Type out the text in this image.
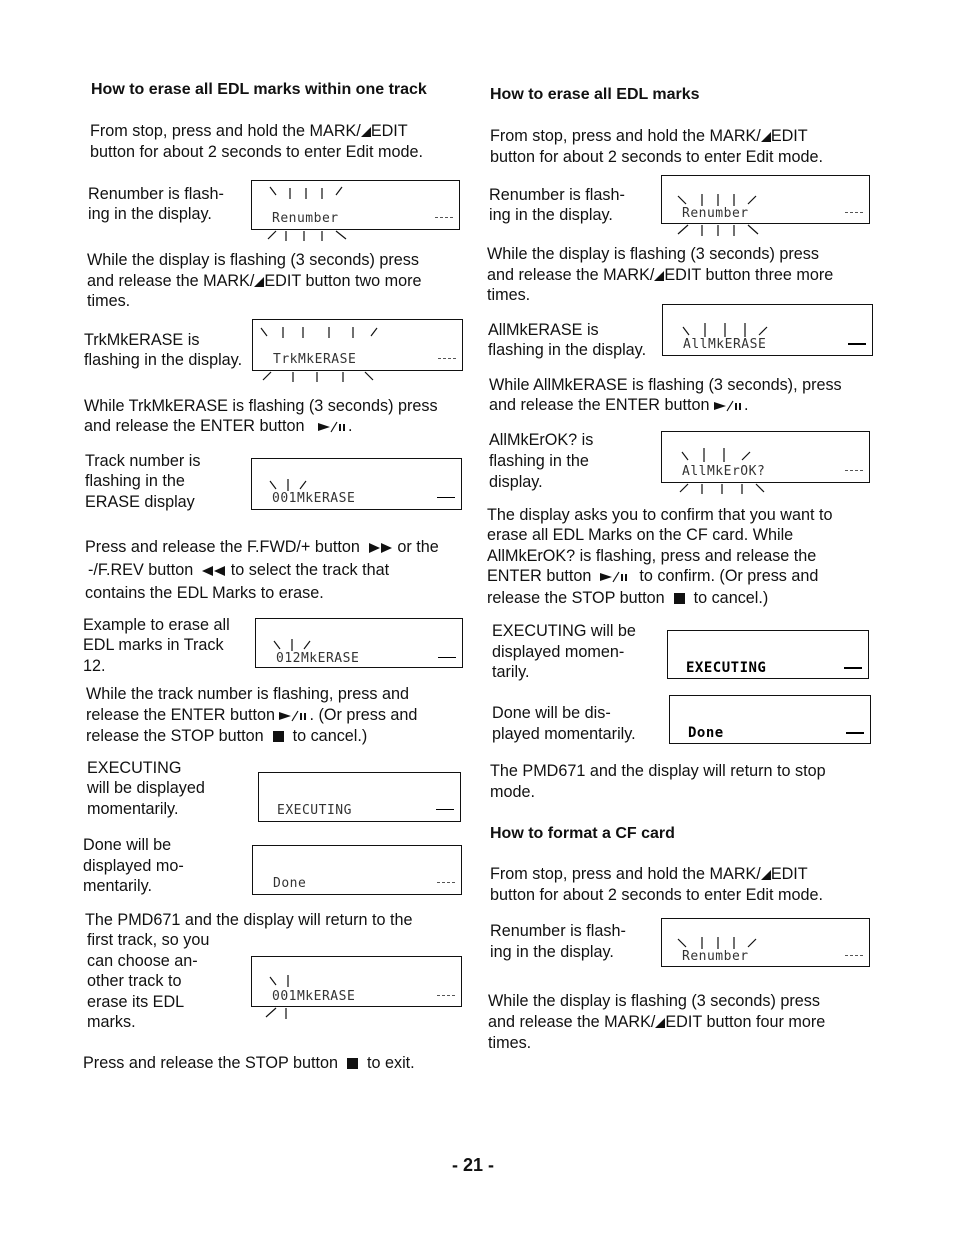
How to erase all EDL marks within one track
From stop, press and hold the MARK/ EDIT
button for about 2 seconds to enter Edit mode.
Renumber is flash-
ing in the display.	Renumber
While the display is flashing (3 seconds) press
and release the MARK/ EDIT button two more
times.
TrkMkERASE is
flashing in the display. TrkMkERASE
While TrkMkERASE is flashing (3 seconds) press
and release the ENTER button	.
Track number is
flashing in the
ERASE display	001MkERASE
Press and release the F.FWD/+ button or the
-/F.REV button to select the track that
contains the EDL Marks to erase.
Example to erase all
EDL marks in Track
12.	012MkERASE
While the track number is flashing, press and
release the ENTER button . (Or press and
release the STOP button to cancel.)
EXECUTING
will be displayed
momentarily.	EXECUTING
Done will be
displayed mo-
mentarily.	Done
The PMD671 and the display will return to the
first track, so you
can choose an-
other track to
erase its EDL
marks.
001MkERASE
Press and release the STOP button to exit.
How to erase all EDL marks
From stop, press and hold the MARK/ EDIT
button for about 2 seconds to enter Edit mode.
Renumber is flash-
ing in the display.	Renumber
While the display is flashing (3 seconds) press
and release the MARK/ EDIT button three more
times.
AllMkERASE is
flashing in the display.	AllMkERASE
While AllMkERASE is flashing (3 seconds), press
and release the ENTER button .
AllMkErOK? is
flashing in the
display.
AllMkErOK?
The display asks you to confirm that you want to
erase all EDL Marks on the CF card. While
AllMkErOK? is flashing, press and release the
ENTER button	to confirm. (Or press and
release the STOP button to cancel.)
EXECUTING will be
displayed momen-
tarily.	EXECUTING
Done will be dis-
played momentarily.	Done
The PMD671 and the display will return to stop
mode.
How to format a CF card
From stop, press and hold the MARK/ EDIT
button for about 2 seconds to enter Edit mode.
Renumber is flash-
ing in the display.	Renumber
While the display is flashing (3 seconds) press
and release the MARK/ EDIT button four more
times.
- 21 -
